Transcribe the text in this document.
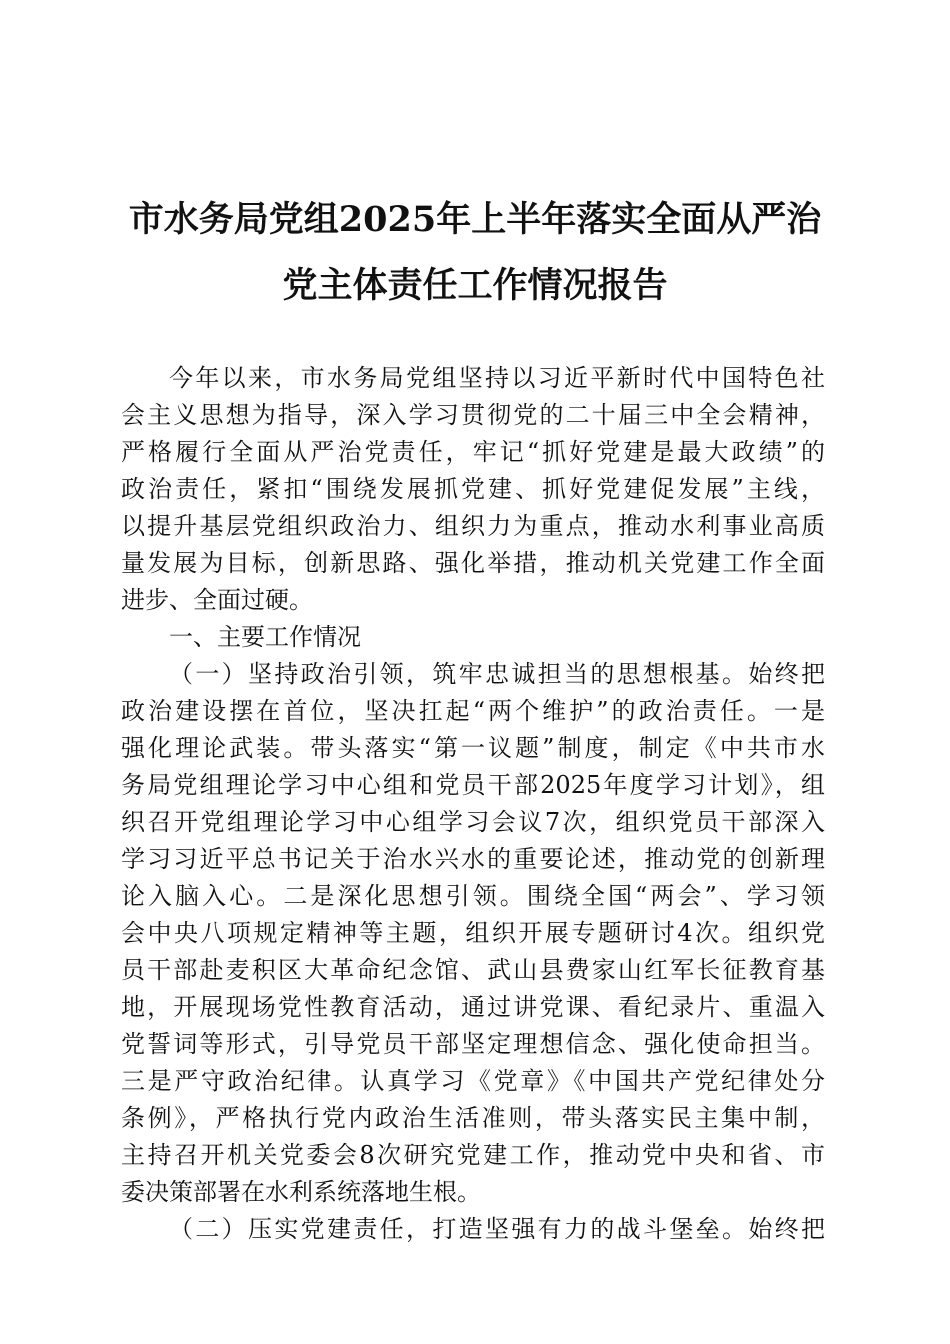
市水务局党组2025年上半年落实全面从严治
党主体责任工作情况报告
今年以来，市水务局党组坚持以习近平新时代中国特色社
会主义思想为指导，深入学习贯彻党的二十届三中全会精神，
严格履行全面从严治党责任，牢记“抓好党建是最大政绩”的
政治责任，紧扣“围绕发展抓党建、抓好党建促发展”主线，
以提升基层党组织政治力、组织力为重点，推动水利事业高质
量发展为目标，创新思路、强化举措，推动机关党建工作全面
进步、全面过硬。
一、主要工作情况
（一）坚持政治引领，筑牢忠诚担当的思想根基。始终把
政治建设摆在首位，坚决扛起“两个维护”的政治责任。一是
强化理论武装。带头落实“第一议题”制度，制定《中共市水
务局党组理论学习中心组和党员干部2025年度学习计划》，组
织召开党组理论学习中心组学习会议7次，组织党员干部深入
学习习近平总书记关于治水兴水的重要论述，推动党的创新理
论入脑入心。二是深化思想引领。围绕全国“两会”、学习领
会中央八项规定精神等主题，组织开展专题研讨4次。组织党
员干部赴麦积区大革命纪念馆、武山县费家山红军长征教育基
地，开展现场党性教育活动，通过讲党课、看纪录片、重温入
党誓词等形式，引导党员干部坚定理想信念、强化使命担当。
三是严守政治纪律。认真学习《党章》《中国共产党纪律处分
条例》，严格执行党内政治生活准则，带头落实民主集中制，
主持召开机关党委会8次研究党建工作，推动党中央和省、市
委决策部署在水利系统落地生根。
（二）压实党建责任，打造坚强有力的战斗堡垒。始终把
